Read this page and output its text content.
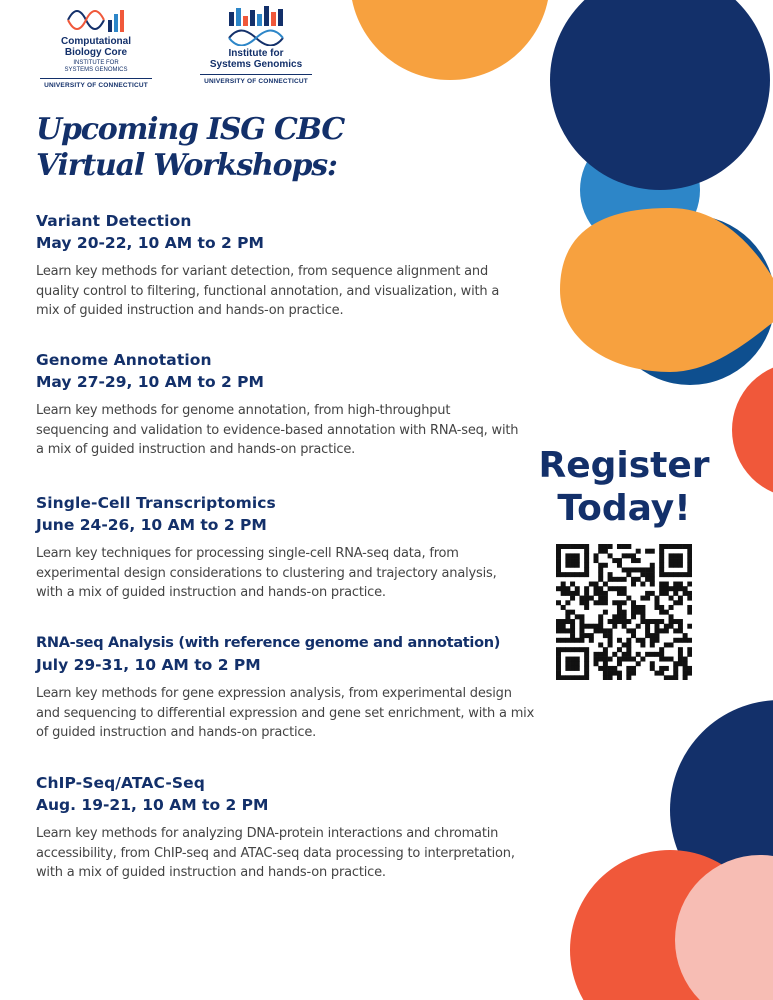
Computational
Biology Core
INSTITUTE FOR
SYSTEMS GENOMICS
UNIVERSITY OF CONNECTICUT
Institute for
Systems Genomics
UNIVERSITY OF CONNECTICUT
Upcoming ISG CBC
Virtual Workshops:
Variant Detection
May 20-22, 10 AM to 2 PM

Learn key methods for variant detection, from sequence alignment and quality control to filtering, functional annotation, and visualization, with a mix of guided instruction and hands-on practice.

Genome Annotation
May 27-29, 10 AM to 2 PM

Learn key methods for genome annotation, from high-throughput sequencing and validation to evidence-based annotation with RNA-seq, with a mix of guided instruction and hands-on practice.

Single-Cell Transcriptomics
June 24-26, 10 AM to 2 PM

Learn key techniques for processing single-cell RNA-seq data, from experimental design considerations to clustering and trajectory analysis, with a mix of guided instruction and hands-on practice.

RNA-seq Analysis (with reference genome and annotation)
July 29-31, 10 AM to 2 PM

Learn key methods for gene expression analysis, from experimental design and sequencing to differential expression and gene set enrichment, with a mix of guided instruction and hands-on practice.

ChIP-Seq/ATAC-Seq
Aug. 19-21, 10 AM to 2 PM

Learn key methods for analyzing DNA-protein interactions and chromatin accessibility, from ChIP-seq and ATAC-seq data processing to interpretation, with a mix of guided instruction and hands-on practice.

Register
Today!
